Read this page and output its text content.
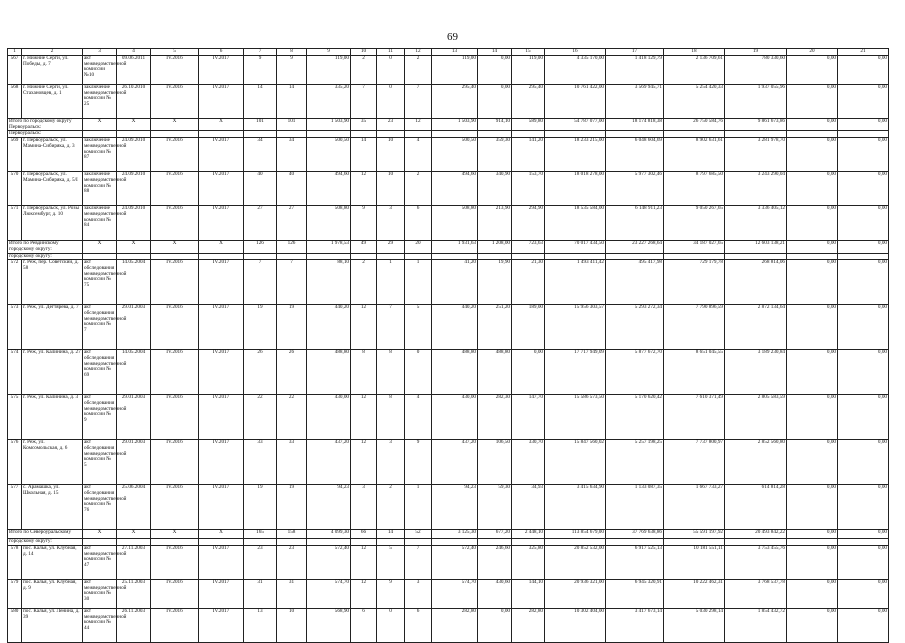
69
1	2	3	4	5	6	7	8	9	10	11	12	13	14	15	16	17	18	19	20	21
567	г. Нижние Серги, ул. Победы, д. 7	акт межведомственной комиссии №10	09.06.2011	IV.2016	IV.2017	9	9	119,00	2	0	2	119,00	0,00	119,00	4 335 170,00	1 418 129,79	2 136 709,61	780 330,60	0,00	0,00
568	г. Нижние Серги, ул. Стахановцев, д. 1	заключение межведомственной комиссии № 25	26.10.2010	IV.2016	IV.2017	14	14	335,20	7	0	7	295,40	0,00	295,40	10 761 422,00	3 569 945,71	5 254 420,33	1 937 055,96	0,00	0,00
Итого по городскому округу Первоуральск:		X	X	X	X	101	101	1 503,90	35	23	12	1 503,90	914,10	589,80	54 787 077,00	18 174 818,38	26 750 584,76	9 861 673,86	0,00	0,00
Первоуральск:																				
569	г. Первоуральск, ул. Мамина-Сибиряка, д. 3	заключение межведомственной комиссии № 87	24.09.2010	IV.2016	IV.2017	34	34	500,50	14	10	4	500,50	359,30	141,20	18 233 215,00	6 048 604,69	8 902 631,61	3 281 978,70	0,00	0,00
570	г. Первоуральск, ул. Мамина-Сибиряка, д. 5/I	заключение межведомственной комиссии № 88	24.09.2010	IV.2016	IV.2017	40	40	494,60	12	10	2	494,60	340,90	153,70	18 018 278,00	5 977 302,46	8 797 685,50	3 243 290,04	0,00	0,00
571	г. Первоуральск, ул. Розы Люксембург, д. 10	заключение межведомственной комиссии № 84	24.09.2010	IV.2016	IV.2017	27	27	508,80	9	3	6	508,80	213,90	294,90	18 535 584,00	6 148 911,23	9 050 267,65	3 336 405,12	0,00	0,00
Итого по Ревдинскому городскому округу:		X	X	X	X	126	126	1 978,53	49	29	20	1 931,63	1 208,00	723,63	70 017 434,50	23 227 268,64	34 187 027,65	12 603 138,21	0,00	0,00
городскому округу:																				
572	г. Реж, пер. Советский, д. 58	акт обследования межведомственной комиссии № 75	14.05.2004	IV.2016	IV.2017	7	7	88,10	2	1	1	41,20	19,90	21,30	1 493 411,42	495 417,98	729 179,78	268 814,06	0,00	0,00
573	г. Реж, ул. Дегтярева, д. 7	акт обследования межведомственной комиссии № 7	29.01.2003	IV.2016	IV.2017	19	19	440,20	12	7	5	440,20	251,20	189,00	15 956 303,57	5 293 272,34	7 790 896,59	2 872 134,64	0,00	0,00
574	г. Реж, ул. Калинина, д. 27	акт обследования межведомственной комиссии № 69	14.05.2004	IV.2016	IV.2017	26	26	488,80	8	8	0	488,80	488,80	0,00	17 717 949,09	5 877 672,70	8 651 045,55	3 189 230,84	0,00	0,00
575	г. Реж, ул. Калинина, д. 3	акт обследования межведомственной комиссии № 9	29.01.2003	IV.2016	IV.2017	22	22	430,00	12	8	4	430,00	282,30	147,70	15 586 573,50	5 170 620,42	7 610 371,49	2 805 583,59	0,00	0,00
576	г. Реж, ул. Комсомольская, д. 6	акт обследования межведомственной комиссии № 5	29.01.2003	IV.2016	IV.2017	33	33	437,20	12	3	9	437,20	106,50	330,70	15 847 560,02	5 257 198,25	7 737 800,97	2 852 560,80	0,00	0,00
577	с. Арамашка, ул. Школьная, д. 15	акт обследования межведомственной комиссии № 76	25.06.2004	IV.2016	IV.2017	19	19	94,23	3	2	1	94,23	59,30	34,93	3 415 634,90	1 133 087,35	1 667 733,27	614 814,28	0,00	0,00
Итого по Североуральскому		X	X	X	X	165	158	4 099,30	66	14	52	3 125,30	677,20	2 448,10	113 854 679,00	37 769 638,86	55 591 197,92	20 493 842,22	0,00	0,00
городскому округу:																				
578	пос. Калья, ул. Клубная, д. 14	акт межведомственной комиссии № 47	27.11.2003	IV.2016	IV.2017	23	23	572,40	12	5	7	572,40	246,60	325,80	20 852 532,00	6 917 525,13	10 181 551,11	3 753 455,76	0,00	0,00
579	пос. Калья, ул. Клубная, д. 9	акт межведомственной комиссии № 30	25.11.2003	IV.2016	IV.2017	31	31	574,70	12	9	3	574,70	430,60	144,10	20 936 321,00	6 945 320,91	10 222 462,31	3 768 537,78	0,00	0,00
580	пос. Калья, ул. Ленина, д. 39	акт межведомственной комиссии № 44	26.11.2003	IV.2016	IV.2017	13	10	568,90	6	0	6	282,80	0,00	282,80	10 302 404,00	3 417 673,14	5 030 298,14	1 854 432,72	0,00	0,00
